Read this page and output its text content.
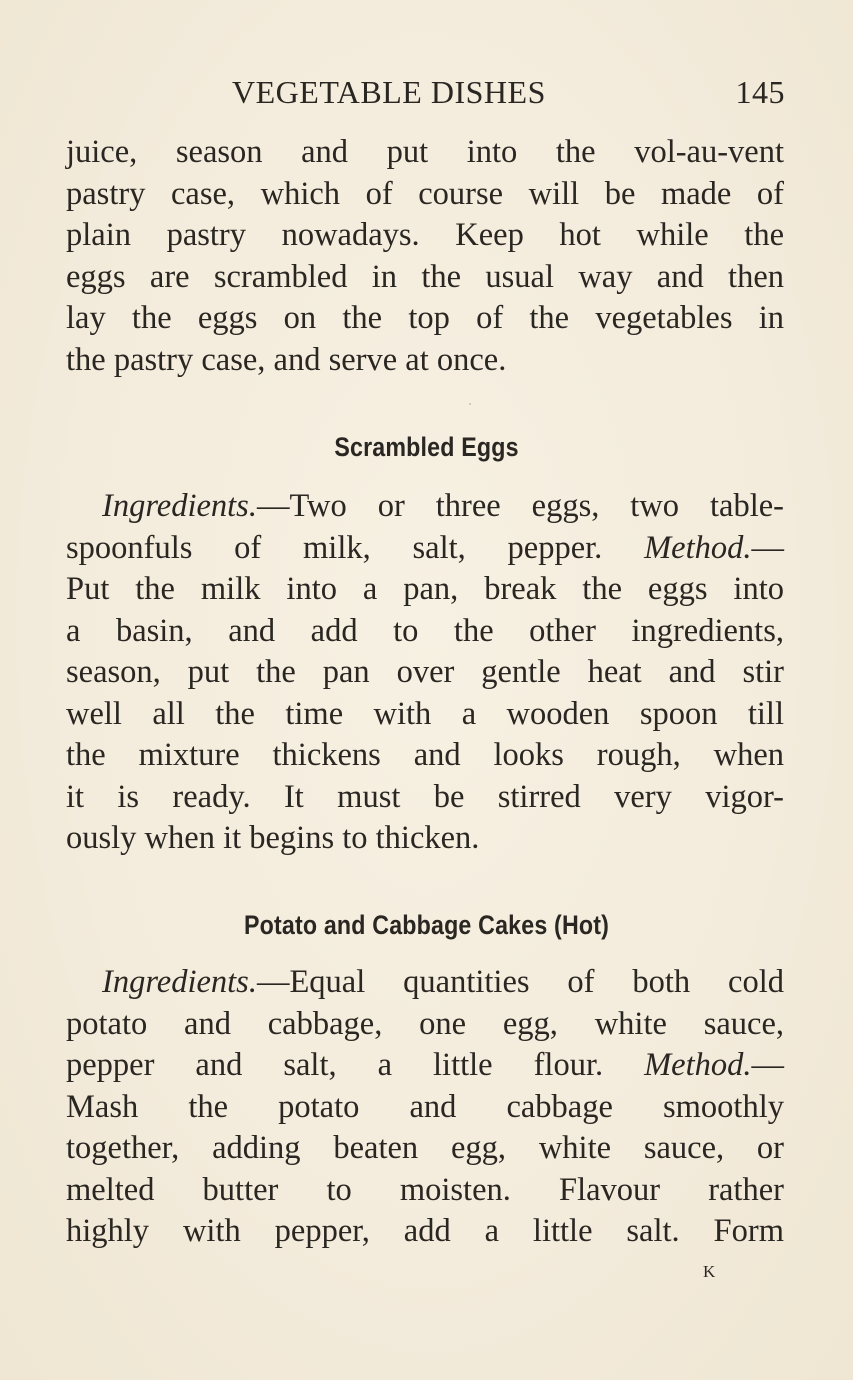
VEGETABLE DISHES	145
juice, season and put into the vol-au-vent
pastry case, which of course will be made of
plain pastry nowadays. Keep hot while the
eggs are scrambled in the usual way and then
lay the eggs on the top of the vegetables in
the pastry case, and serve at once.
Scrambled Eggs
Ingredients.—Two or three eggs, two table-
spoonfuls of milk, salt, pepper. Method.—
Put the milk into a pan, break the eggs into
a basin, and add to the other ingredients,
season, put the pan over gentle heat and stir
well all the time with a wooden spoon till
the mixture thickens and looks rough, when
it is ready. It must be stirred very vigor-
ously when it begins to thicken.
Potato and Cabbage Cakes (Hot)
Ingredients.—Equal quantities of both cold
potato and cabbage, one egg, white sauce,
pepper and salt, a little flour. Method.—
Mash the potato and cabbage smoothly
together, adding beaten egg, white sauce, or
melted butter to moisten. Flavour rather
highly with pepper, add a little salt. Form
K
